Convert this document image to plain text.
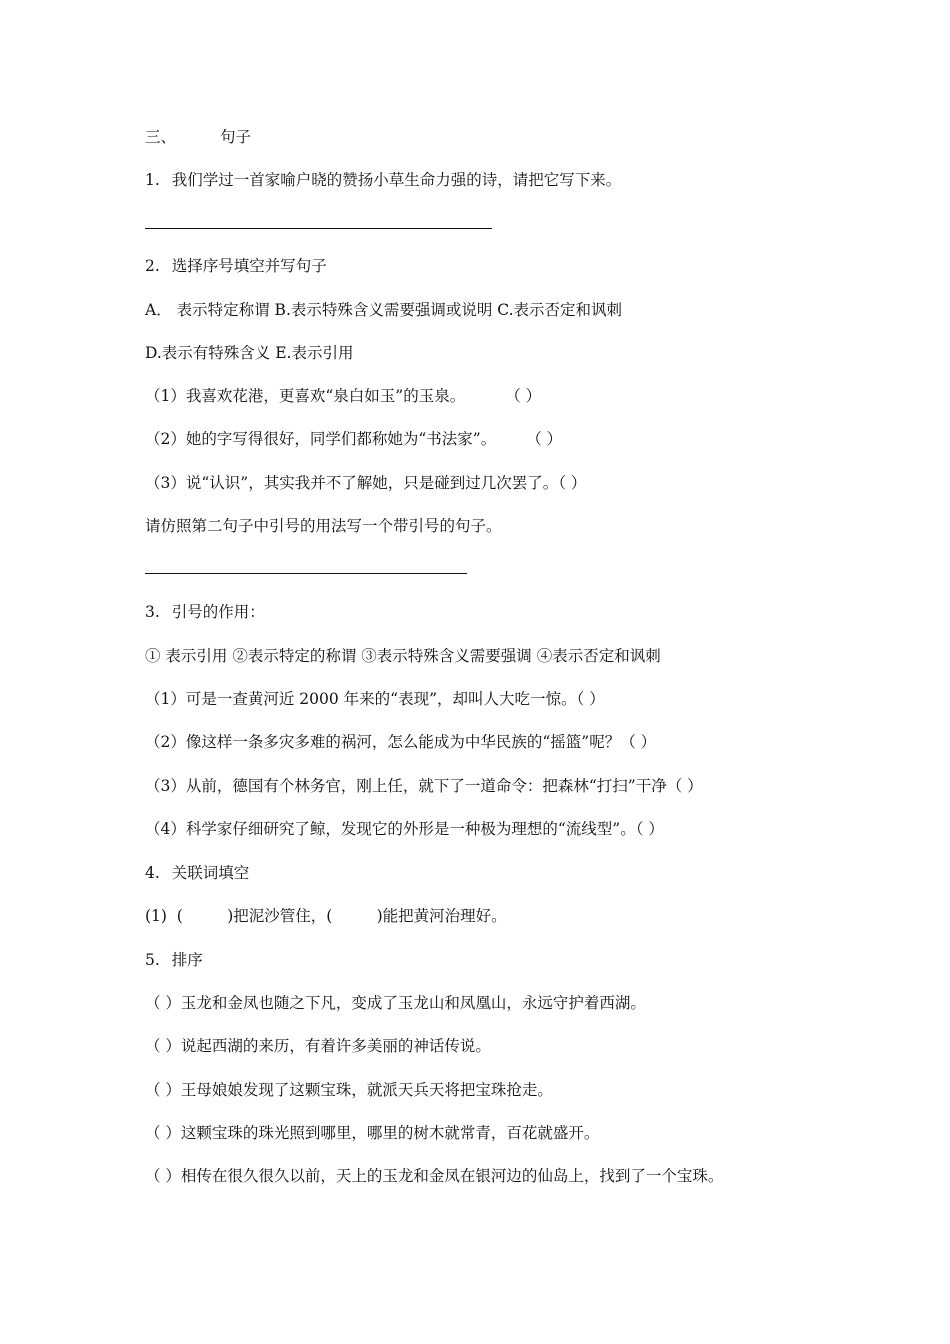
三、	句子
1. 我们学过一首家喻户晓的赞扬小草生命力强的诗，请把它写下来。
2. 选择序号填空并写句子
A． 表示特定称谓 B.表示特殊含义需要强调或说明 C.表示否定和讽刺
D.表示有特殊含义 E.表示引用
（1）我喜欢花港，更喜欢“泉白如玉”的玉泉。	（ ）
（2）她的字写得很好，同学们都称她为“书法家”。 （ ）
（3）说“认识”，其实我并不了解她，只是碰到过几次罢了。（ ）
请仿照第二句子中引号的用法写一个带引号的句子。
3. 引号的作用：
① 表示引用 ②表示特定的称谓 ③表示特殊含义需要强调 ④表示否定和讽刺
（1）可是一查黄河近 2000 年来的“表现”，却叫人大吃一惊。（ ）
（2）像这样一条多灾多难的祸河，怎么能成为中华民族的“摇篮”呢？（ ）
（3）从前，德国有个林务官，刚上任，就下了一道命令：把森林“打扫”干净（ ）
（4）科学家仔细研究了鲸，发现它的外形是一种极为理想的“流线型”。（ ）
4. 关联词填空
(1)  (         )把泥沙管住，(         )能把黄河治理好。
5. 排序
（ ）玉龙和金凤也随之下凡，变成了玉龙山和凤凰山，永远守护着西湖。
（ ）说起西湖的来历，有着许多美丽的神话传说。
（ ）王母娘娘发现了这颗宝珠，就派天兵天将把宝珠抢走。
（ ）这颗宝珠的珠光照到哪里，哪里的树木就常青，百花就盛开。
（ ）相传在很久很久以前，天上的玉龙和金凤在银河边的仙岛上，找到了一个宝珠。
